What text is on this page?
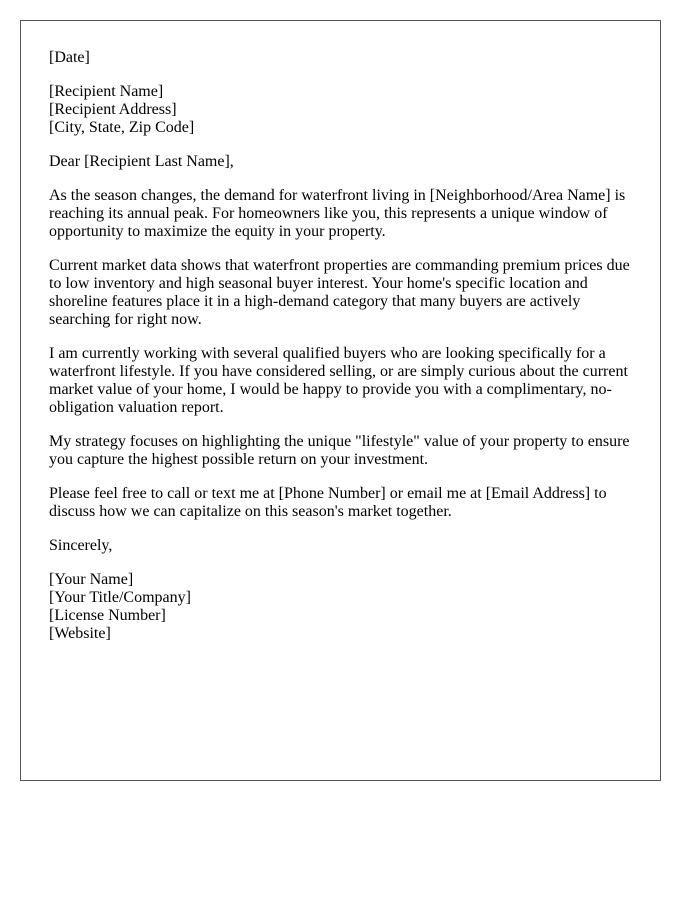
[Date]

[Recipient Name]
[Recipient Address]
[City, State, Zip Code]

Dear [Recipient Last Name],

As the season changes, the demand for waterfront living in [Neighborhood/Area Name] is reaching its annual peak. For homeowners like you, this represents a unique window of opportunity to maximize the equity in your property.

Current market data shows that waterfront properties are commanding premium prices due to low inventory and high seasonal buyer interest. Your home's specific location and shoreline features place it in a high-demand category that many buyers are actively searching for right now.

I am currently working with several qualified buyers who are looking specifically for a waterfront lifestyle. If you have considered selling, or are simply curious about the current market value of your home, I would be happy to provide you with a complimentary, no-obligation valuation report.

My strategy focuses on highlighting the unique "lifestyle" value of your property to ensure you capture the highest possible return on your investment.

Please feel free to call or text me at [Phone Number] or email me at [Email Address] to discuss how we can capitalize on this season's market together.

Sincerely,

[Your Name]
[Your Title/Company]
[License Number]
[Website]
